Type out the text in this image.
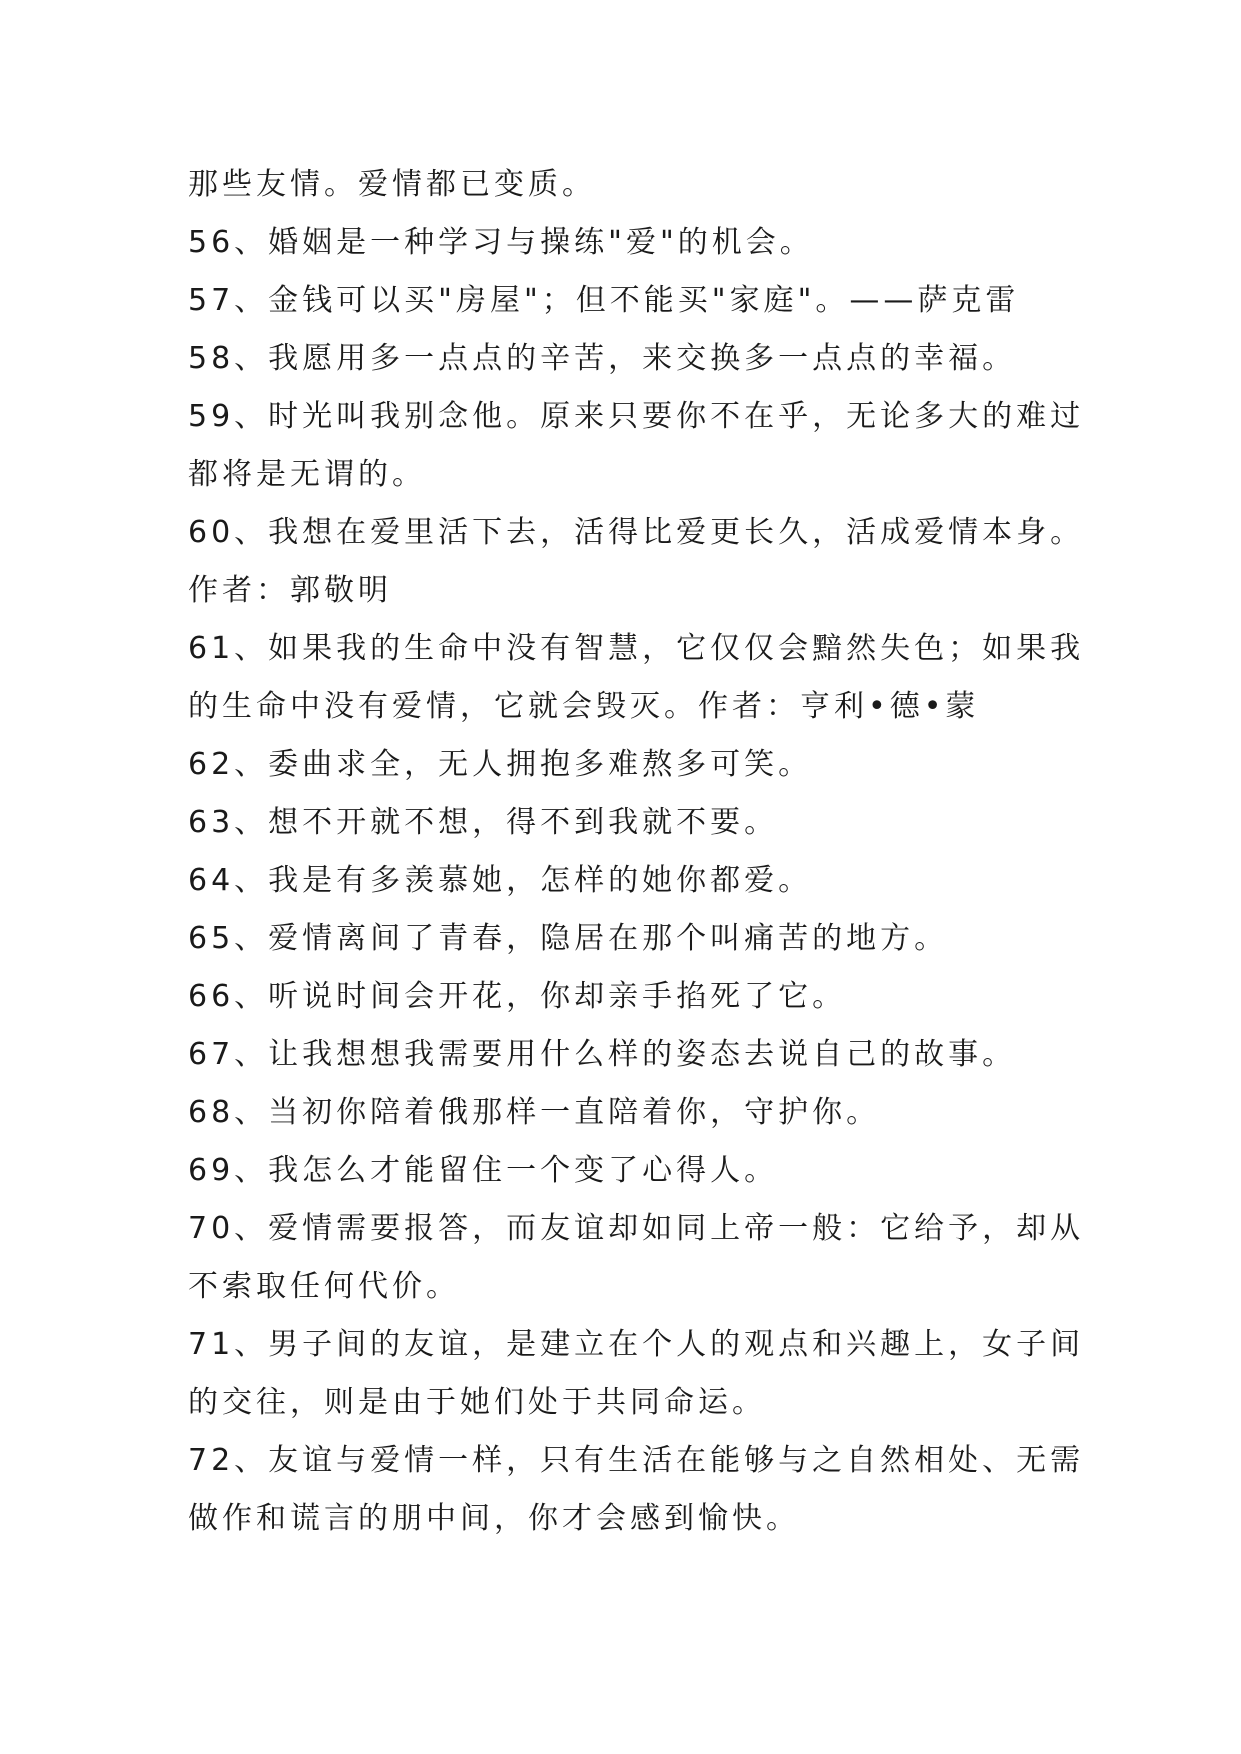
那些友情。爱情都已变质。
56、婚姻是一种学习与操练"爱"的机会。
57、金钱可以买"房屋"；但不能买"家庭"。——萨克雷
58、我愿用多一点点的辛苦，来交换多一点点的幸福。
59、时光叫我别念他。原来只要你不在乎，无论多大的难过
都将是无谓的。
60、我想在爱里活下去，活得比爱更长久，活成爱情本身。
作者：郭敬明
61、如果我的生命中没有智慧，它仅仅会黯然失色；如果我
的生命中没有爱情，它就会毁灭。作者：亨利•德•蒙
62、委曲求全，无人拥抱多难熬多可笑。
63、想不开就不想，得不到我就不要。
64、我是有多羡慕她，怎样的她你都爱。
65、爱情离间了青春，隐居在那个叫痛苦的地方。
66、听说时间会开花，你却亲手掐死了它。
67、让我想想我需要用什么样的姿态去说自己的故事。
68、当初你陪着俄那样一直陪着你，守护你。
69、我怎么才能留住一个变了心得人。
70、爱情需要报答，而友谊却如同上帝一般：它给予，却从
不索取任何代价。
71、男子间的友谊，是建立在个人的观点和兴趣上，女子间
的交往，则是由于她们处于共同命运。
72、友谊与爱情一样，只有生活在能够与之自然相处、无需
做作和谎言的朋中间，你才会感到愉快。
